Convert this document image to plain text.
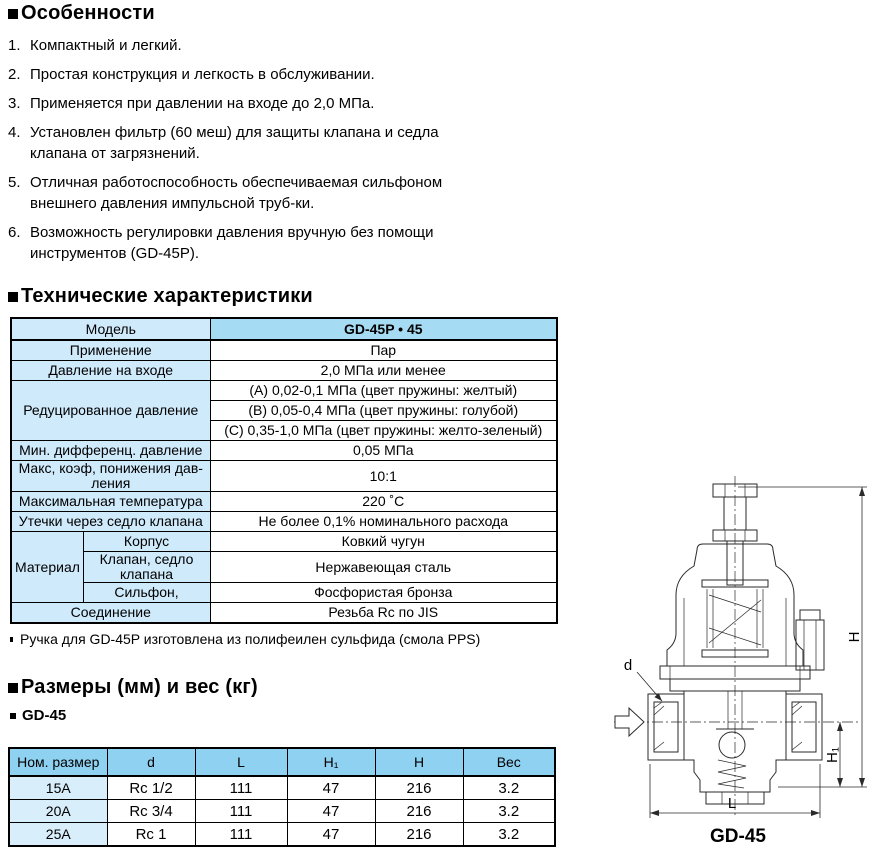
Особенности
1. Компактный и легкий.
2. Простая конструкция и легкость в обслуживании.
3. Применяется при давлении на входе до 2,0 МПа.
4. Установлен фильтр (60 меш) для защиты клапана и седла клапана от загрязнений.
5. Отличная работоспособность обеспечиваемая сильфоном внешнего давления импульсной труб-ки.
6. Возможность регулировки давления вручную без помощи инструментов (GD-45P).
Технические характеристики
Модель		GD-45P • 45
Применение		Пар
Давление на входе		2,0 МПа или менее
Редуцированное давление		(A) 0,02-0,1 МПа (цвет пружины: желтый)
		(B) 0,05-0,4 МПа (цвет пружины: голубой)
		(C) 0,35-1,0 МПа (цвет пружины: желто-зеленый)
Мин. дифференц. давление		0,05 МПа
Макс, коэф, понижения дав-ления		10:1
Максимальная температура		220 ˚C
Утечки через седло клапана		Не более 0,1% номинального расхода
Материал	Корпус	Ковкий чугун
	Клапан, седло клапана	Нержавеющая сталь
	Сильфон,	Фосфористая бронза
Соединение		Резьба Rc по JIS
Ручка для GD-45P изготовлена из полифеилен сульфида (смола PPS)
Размеры (мм) и вес (кг)
GD-45
Ном. размер	d	L	H₁	H	Вес
15A	Rc 1/2	111	47	216	3.2
20A	Rc 3/4	111	47	216	3.2
25A	Rc 1	111	47	216	3.2
H
H₁
L
d
GD-45
